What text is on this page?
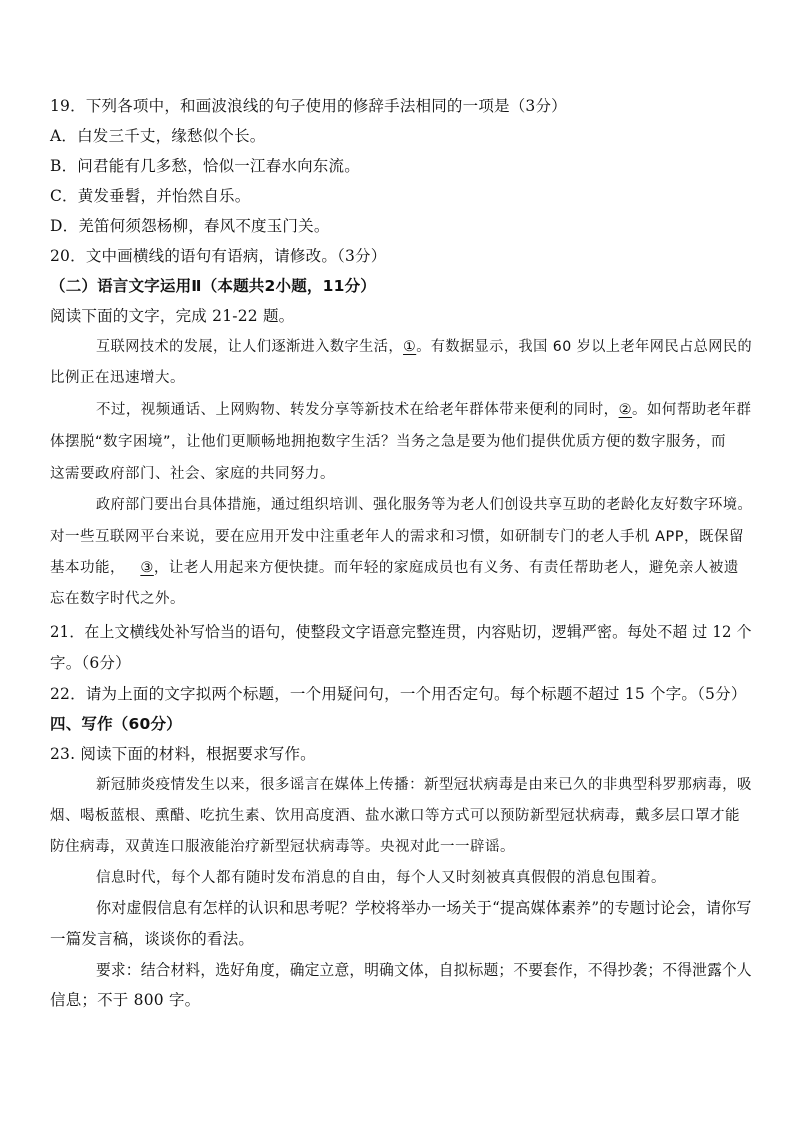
19．下列各项中，和画波浪线的句子使用的修辞手法相同的一项是（3分）
A．白发三千丈，缘愁似个长。
B．问君能有几多愁，恰似一江春水向东流。
C．黄发垂髫，并怡然自乐。
D．羌笛何须怨杨柳，春风不度玉门关。
20．文中画横线的语句有语病，请修改。（3分）
（二）语言文字运用Ⅱ（本题共2小题，11分）
阅读下面的文字，完成 21-22 题。
互联网技术的发展，让人们逐渐进入数字生活，①。有数据显示，我国 60 岁以上老年网民占总网民的
比例正在迅速增大。
不过，视频通话、上网购物、转发分享等新技术在给老年群体带来便利的同时，②。如何帮助老年群
体摆脱“数字困境”，让他们更顺畅地拥抱数字生活？当务之急是要为他们提供优质方便的数字服务，而
这需要政府部门、社会、家庭的共同努力。
政府部门要出台具体措施，通过组织培训、强化服务等为老人们创设共享互助的老龄化友好数字环境。
对一些互联网平台来说，要在应用开发中注重老年人的需求和习惯，如研制专门的老人手机 APP，既保留
基本功能， ③，让老人用起来方便快捷。而年轻的家庭成员也有义务、有责任帮助老人，避免亲人被遗
忘在数字时代之外。
21．在上文横线处补写恰当的语句，使整段文字语意完整连贯，内容贴切，逻辑严密。每处不超 过 12 个
字。（6分）
22．请为上面的文字拟两个标题，一个用疑问句，一个用否定句。每个标题不超过 15 个字。（5分）
四、写作（60分）
23. 阅读下面的材料，根据要求写作。
新冠肺炎疫情发生以来，很多谣言在媒体上传播：新型冠状病毒是由来已久的非典型科罗那病毒，吸
烟、喝板蓝根、熏醋、吃抗生素、饮用高度酒、盐水漱口等方式可以预防新型冠状病毒，戴多层口罩才能
防住病毒，双黄连口服液能治疗新型冠状病毒等。央视对此一一辟谣。
信息时代，每个人都有随时发布消息的自由，每个人又时刻被真真假假的消息包围着。
你对虚假信息有怎样的认识和思考呢？学校将举办一场关于“提高媒体素养”的专题讨论会，请你写
一篇发言稿，谈谈你的看法。
要求：结合材料，选好角度，确定立意，明确文体，自拟标题；不要套作，不得抄袭；不得泄露个人
信息；不于 800 字。
